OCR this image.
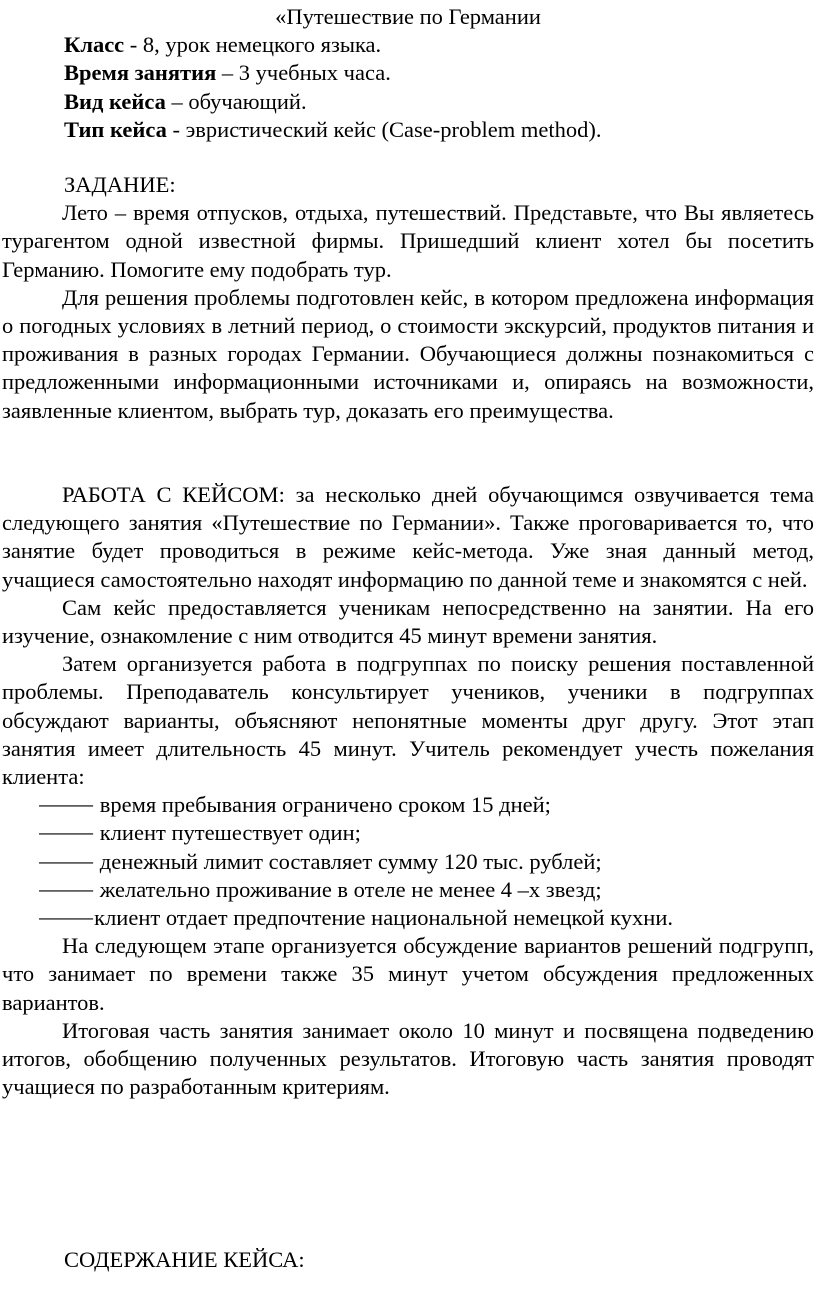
«Путешествие по Германии

Класс - 8, урок немецкого языка.

Время занятия – 3 учебных часа.

Вид кейса – обучающий.

Тип кейса - эвристический кейс (Case-problem method).

ЗАДАНИЕ:

Лето – время отпусков, отдыха, путешествий. Представьте, что Вы являетесь турагентом одной известной фирмы. Пришедший клиент хотел бы посетить Германию. Помогите ему подобрать тур.

Для решения проблемы подготовлен кейс, в котором предложена информация о погодных условиях в летний период, о стоимости экскурсий, продуктов питания и проживания в разных городах Германии. Обучающиеся должны познакомиться с предложенными информационными источниками и, опираясь на возможности, заявленные клиентом, выбрать тур, доказать его преимущества.

РАБОТА С КЕЙСОМ: за несколько дней обучающимся озвучивается тема следующего занятия «Путешествие по Германии». Также проговаривается то, что занятие будет проводиться в режиме кейс-метода. Уже зная данный метод, учащиеся самостоятельно находят информацию по данной теме и знакомятся с ней.

Сам кейс предоставляется ученикам непосредственно на занятии. На его изучение, ознакомление с ним отводится 45 минут времени занятия.

Затем организуется работа в подгруппах по поиску решения поставленной проблемы. Преподаватель консультирует учеников, ученики в подгруппах обсуждают варианты, объясняют непонятные моменты друг другу. Этот этап занятия имеет длительность 45 минут. Учитель рекомендует учесть пожелания клиента:

⸻ время пребывания ограничено сроком 15 дней;

⸻ клиент путешествует один;

⸻ денежный лимит составляет сумму 120 тыс. рублей;

⸻ желательно проживание в отеле не менее 4 –х звезд;

⸻клиент отдает предпочтение национальной немецкой кухни.

На следующем этапе организуется обсуждение вариантов решений подгрупп, что занимает по времени также 35 минут учетом обсуждения предложенных вариантов.

Итоговая часть занятия занимает около 10 минут и посвящена подведению итогов, обобщению полученных результатов. Итоговую часть занятия проводят учащиеся по разработанным критериям.

СОДЕРЖАНИЕ КЕЙСА:
